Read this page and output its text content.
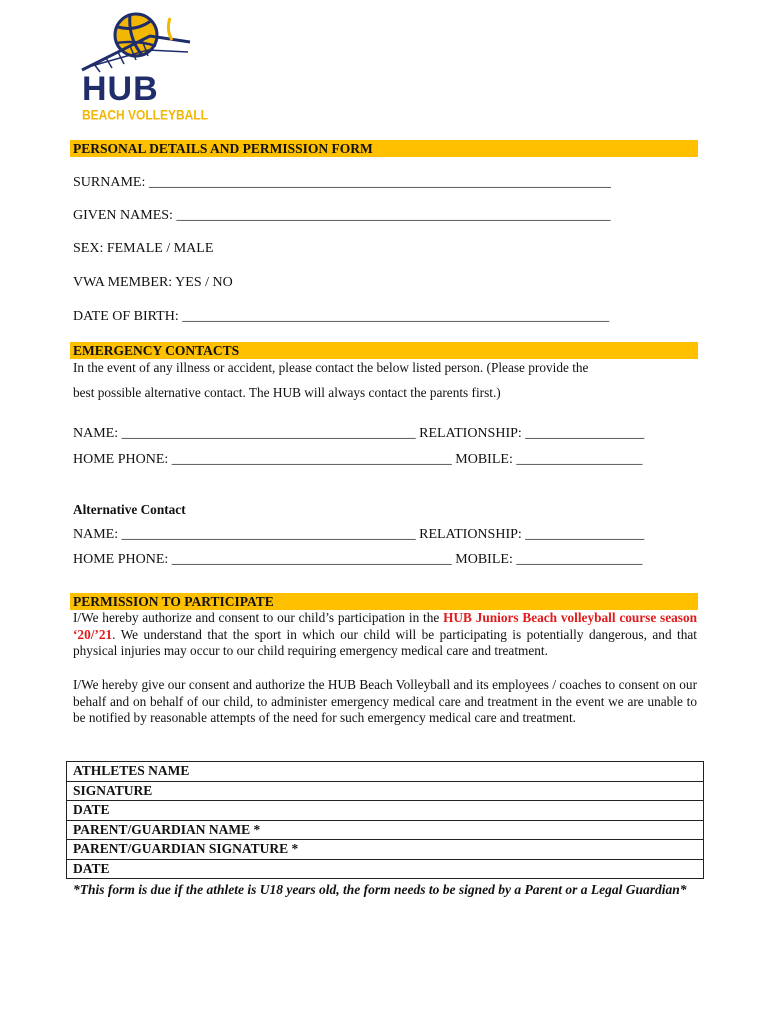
HUB
BEACH VOLLEYBALL
PERSONAL DETAILS AND PERMISSION FORM
SURNAME: __________________________________________________________________
GIVEN NAMES: ______________________________________________________________
SEX: FEMALE / MALE
VWA MEMBER: YES / NO
DATE OF BIRTH: _____________________________________________________________
EMERGENCY CONTACTS
In the event of any illness or accident, please contact the below listed person. (Please provide the
best possible alternative contact. The HUB will always contact the parents first.)
NAME: __________________________________________ RELATIONSHIP: _________________
HOME PHONE: ________________________________________ MOBILE: __________________
Alternative Contact
NAME: __________________________________________ RELATIONSHIP: _________________
HOME PHONE: ________________________________________ MOBILE: __________________
PERMISSION TO PARTICIPATE
I/We hereby authorize and consent to our child’s participation in the HUB Juniors Beach volleyball course season ‘20/’21. We understand that the sport in which our child will be participating is potentially dangerous, and that physical injuries may occur to our child requiring emergency medical care and treatment.
I/We hereby give our consent and authorize the HUB Beach Volleyball and its employees / coaches to consent on our behalf and on behalf of our child, to administer emergency medical care and treatment in the event we are unable to be notified by reasonable attempts of the need for such emergency medical care and treatment.
ATHLETES NAME
SIGNATURE
DATE
PARENT/GUARDIAN NAME *
PARENT/GUARDIAN SIGNATURE *
DATE
*This form is due if the athlete is U18 years old, the form needs to be signed by a Parent or a Legal Guardian*
